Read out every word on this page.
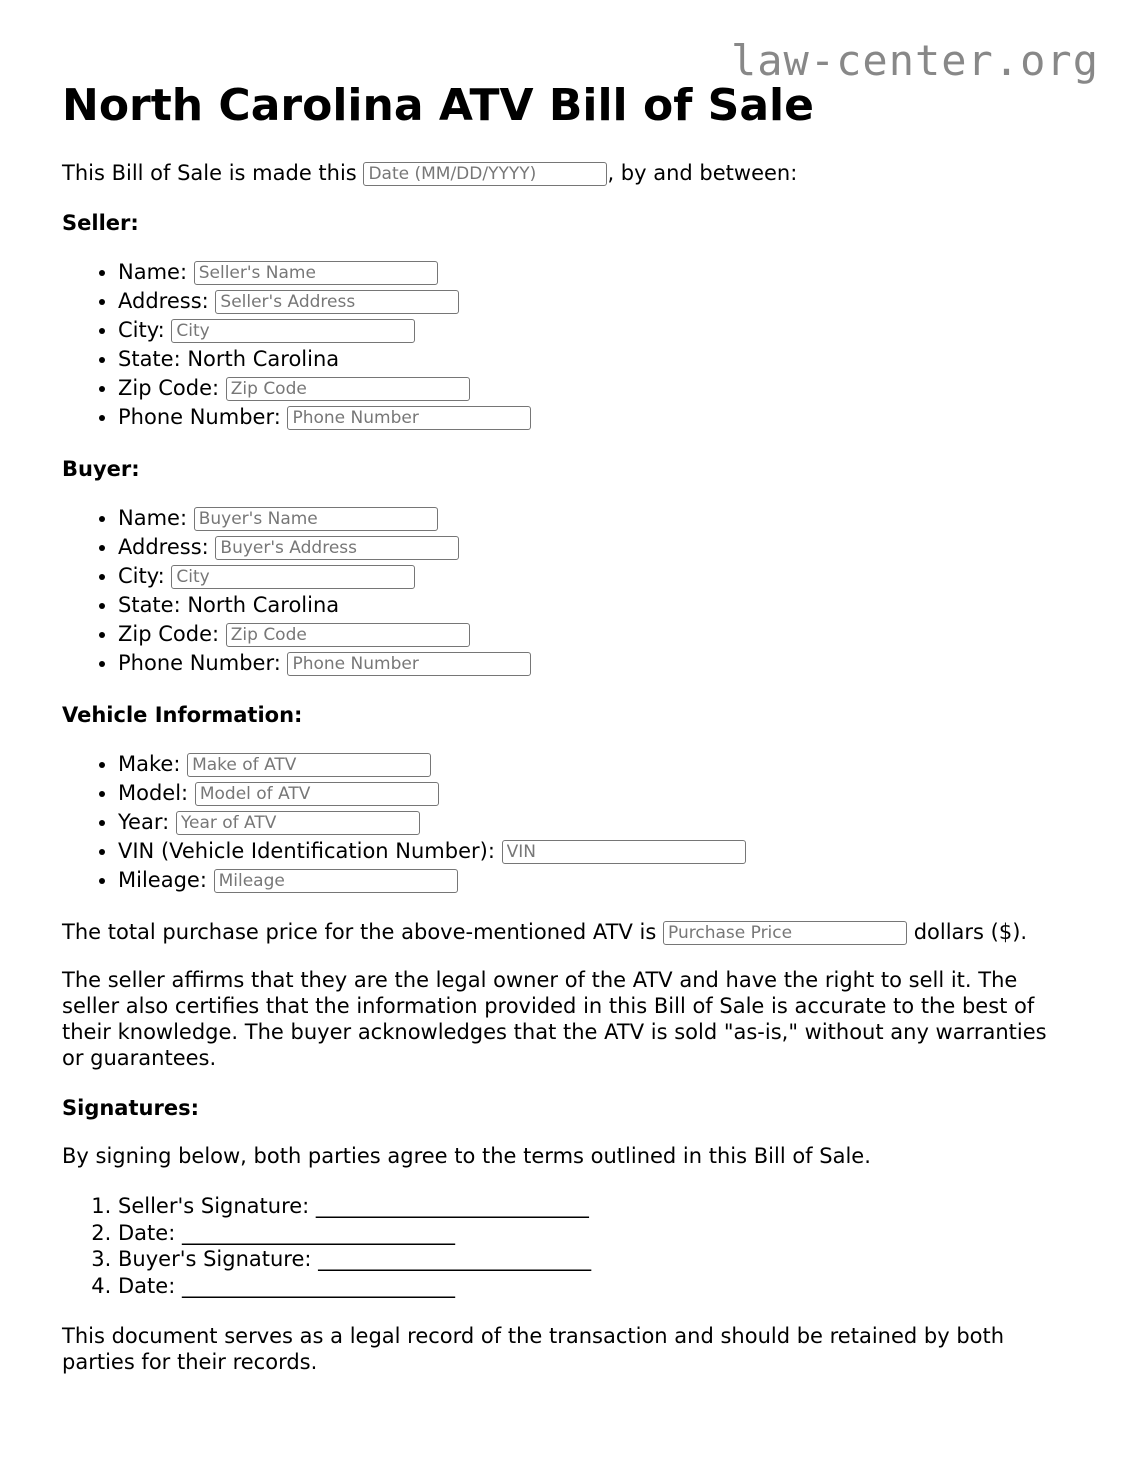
law-center.org
North Carolina ATV Bill of Sale

This Bill of Sale is made this Date (MM/DD/YYYY)	, by and between:

Seller:

• Name: Seller's Name
• Address: Seller's Address
• City: City
• State: North Carolina
• Zip Code: Zip Code
• Phone Number: Phone Number

Buyer:

• Name: Buyer's Name
• Address: Buyer's Address
• City: City
• State: North Carolina
• Zip Code: Zip Code
• Phone Number: Phone Number

Vehicle Information:

• Make: Make of ATV
• Model: Model of ATV
• Year: Year of ATV
• VIN (Vehicle Identification Number): VIN
• Mileage: Mileage

The total purchase price for the above-mentioned ATV is Purchase Price	dollars ($).

The seller affirms that they are the legal owner of the ATV and have the right to sell it. The seller also certifies that the information provided in this Bill of Sale is accurate to the best of their knowledge. The buyer acknowledges that the ATV is sold "as-is," without any warranties or guarantees.

Signatures:

By signing below, both parties agree to the terms outlined in this Bill of Sale.

1. Seller's Signature: __________________________
2. Date: __________________________
3. Buyer's Signature: __________________________
4. Date: __________________________

This document serves as a legal record of the transaction and should be retained by both parties for their records.
